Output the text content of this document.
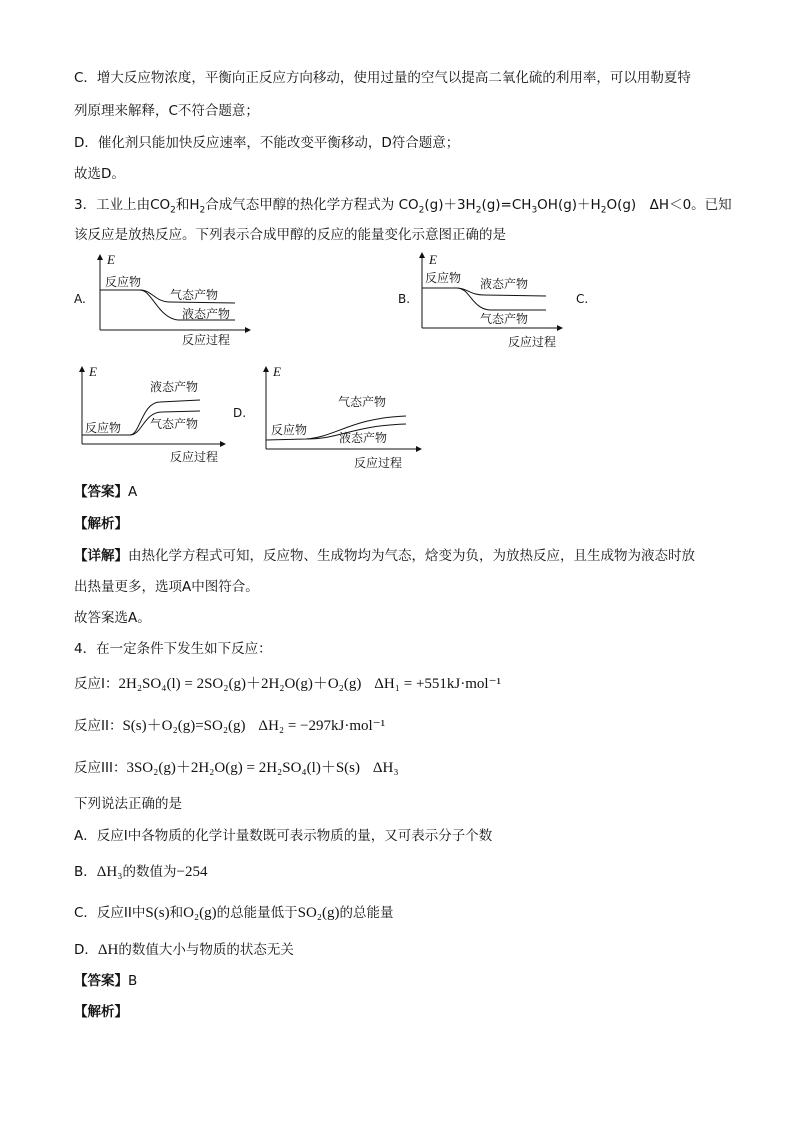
C．增大反应物浓度，平衡向正反应方向移动，使用过量的空气以提高二氧化硫的利用率，可以用勒夏特
列原理来解释，C不符合题意；
D．催化剂只能加快反应速率，不能改变平衡移动，D符合题意；
故选D。
3．工业上由$CO_2$和$H_2$合成气态甲醇的热化学方程式为 $CO_2(g)+3H_2(g)=CH_3OH(g)+H_2O(g)$　ΔH＜0。已知
该反应是放热反应。下列表示合成甲醇的反应的能量变化示意图正确的是
A.	B.	C.
D.
E
反应物
气态产物
液态产物
反应过程
E
反应物 液态产物
气态产物
反应过程
E
反应物
液态产物
气态产物
反应过程
E
反应物
气态产物
液态产物
反应过程
【答案】A
【解析】
【详解】由热化学方程式可知，反应物、生成物均为气态，焓变为负，为放热反应，且生成物为液态时放
出热量更多，选项A中图符合。
故答案选A。
4．在一定条件下发生如下反应：
反应I：2H₂SO₄(l) = 2SO₂(g)＋2H₂O(g)＋O₂(g) ΔH₁ = +551kJ·mol⁻¹
反应II：S(s)＋O₂(g)=SO₂(g) ΔH₂ = −297kJ·mol⁻¹
反应III：3SO₂(g)＋2H₂O(g) = 2H₂SO₄(l)＋S(s) ΔH₃
下列说法正确的是
A．反应I中各物质的化学计量数既可表示物质的量，又可表示分子个数
B．ΔH₃的数值为−254
C．反应II中S(s)和O₂(g)的总能量低于SO₂(g)的总能量
D．ΔH的数值大小与物质的状态无关
【答案】B
【解析】
